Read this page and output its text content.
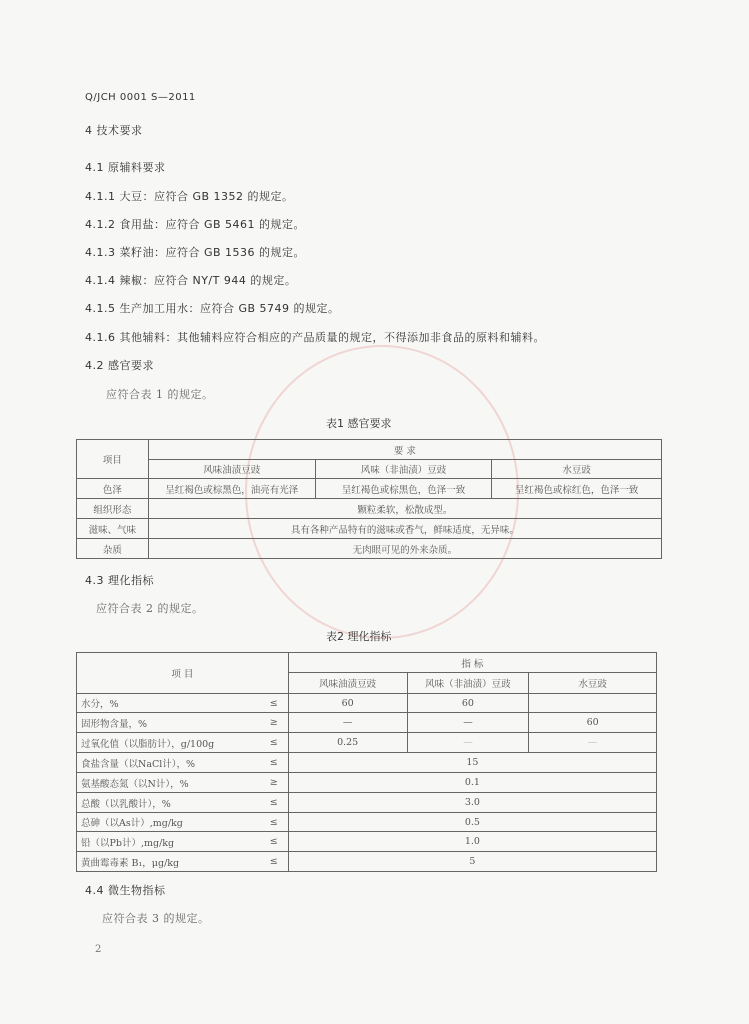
Q/JCH 0001 S—2011
4 技术要求
4.1 原辅料要求
4.1.1 大豆：应符合 GB 1352 的规定。
4.1.2 食用盐：应符合 GB 5461 的规定。
4.1.3 菜籽油：应符合 GB 1536 的规定。
4.1.4 辣椒：应符合 NY/T 944 的规定。
4.1.5 生产加工用水：应符合 GB 5749 的规定。
4.1.6 其他辅料：其他辅料应符合相应的产品质量的规定，不得添加非食品的原料和辅料。
4.2 感官要求
应符合表 1 的规定。
表1 感官要求
项目	要 求		
	风味油渍豆豉	风味（非油渍）豆豉	水豆豉
色泽	呈红褐色或棕黑色，油亮有光泽	呈红褐色或棕黑色，色泽一致	呈红褐色或棕红色，色泽一致
组织形态	颗粒柔软，松散成型。		
滋味、气味	具有各种产品特有的滋味或香气，鲜味适度，无异味。		
杂质	无肉眼可见的外来杂质。		
4.3 理化指标
应符合表 2 的规定。
表2 理化指标
项 目		指 标		
		风味油渍豆豉	风味（非油渍）豆豉	水豆豉
水分，%	≤	60	60	
固形物含量，%	≥	—	—	60
过氧化值（以脂肪计），g/100g	≤	0.25	—	—
食盐含量（以NaCl计），%	≤	15		
氨基酸态氮（以N计），%	≥	0.1		
总酸（以乳酸计），%	≤	3.0		
总砷（以As计）,mg/kg	≤	0.5		
铅（以Pb计）,mg/kg	≤	1.0		
黄曲霉毒素 B₁，μg/kg	≤	5		
4.4 微生物指标
应符合表 3 的规定。
2
